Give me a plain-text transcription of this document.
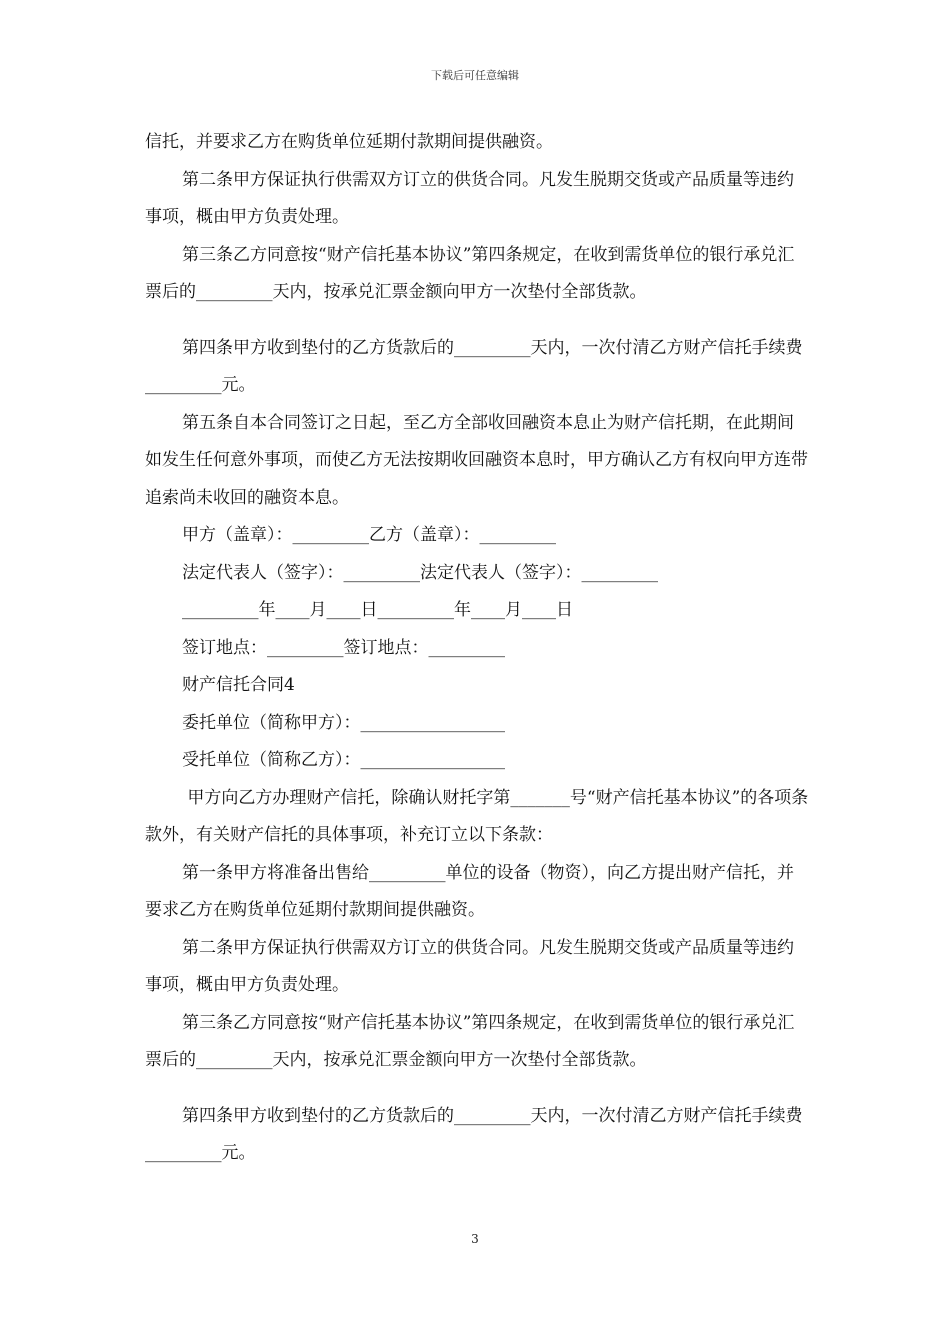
下载后可任意编辑

信托，并要求乙方在购货单位延期付款期间提供融资。

第二条甲方保证执行供需双方订立的供货合同。凡发生脱期交货或产品质量等违约事项，概由甲方负责处理。

第三条乙方同意按“财产信托基本协议”第四条规定，在收到需货单位的银行承兑汇票后的_________天内，按承兑汇票金额向甲方一次垫付全部货款。

第四条甲方收到垫付的乙方货款后的_________天内，一次付清乙方财产信托手续费_________元。

第五条自本合同签订之日起，至乙方全部收回融资本息止为财产信托期，在此期间如发生任何意外事项，而使乙方无法按期收回融资本息时，甲方确认乙方有权向甲方连带追索尚未收回的融资本息。

甲方（盖章）：_________乙方（盖章）：_________

法定代表人（签字）：_________法定代表人（签字）：_________

_________年____月____日_________年____月____日

签订地点：_________签订地点：_________

财产信托合同4

委托单位（简称甲方）：_________________

受托单位（简称乙方）：_________________

甲方向乙方办理财产信托，除确认财托字第_______号“财产信托基本协议”的各项条款外，有关财产信托的具体事项，补充订立以下条款：

第一条甲方将准备出售给_________单位的设备（物资），向乙方提出财产信托，并要求乙方在购货单位延期付款期间提供融资。

第二条甲方保证执行供需双方订立的供货合同。凡发生脱期交货或产品质量等违约事项，概由甲方负责处理。

第三条乙方同意按“财产信托基本协议”第四条规定，在收到需货单位的银行承兑汇票后的_________天内，按承兑汇票金额向甲方一次垫付全部货款。

第四条甲方收到垫付的乙方货款后的_________天内，一次付清乙方财产信托手续费_________元。

3
